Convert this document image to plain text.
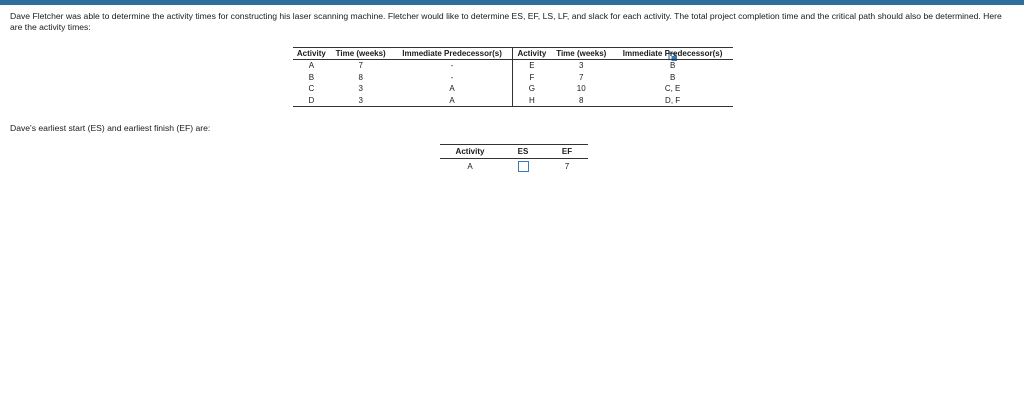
Dave Fletcher was able to determine the activity times for constructing his laser scanning machine. Fletcher would like to determine ES, EF, LS, LF, and slack for each activity. The total project completion time and the critical path should also be determined. Here are the activity times:

Activity	Time (weeks)	Immediate Predecessor(s)	Activity	Time (weeks)	Immediate Predecessor(s)
A	7	-	E	3	B
B	8	-	F	7	B
C	3	A	G	10	C, E
D	3	A	H	8	D, F

Dave's earliest start (ES) and earliest finish (EF) are:

Activity	ES	EF
A		7
